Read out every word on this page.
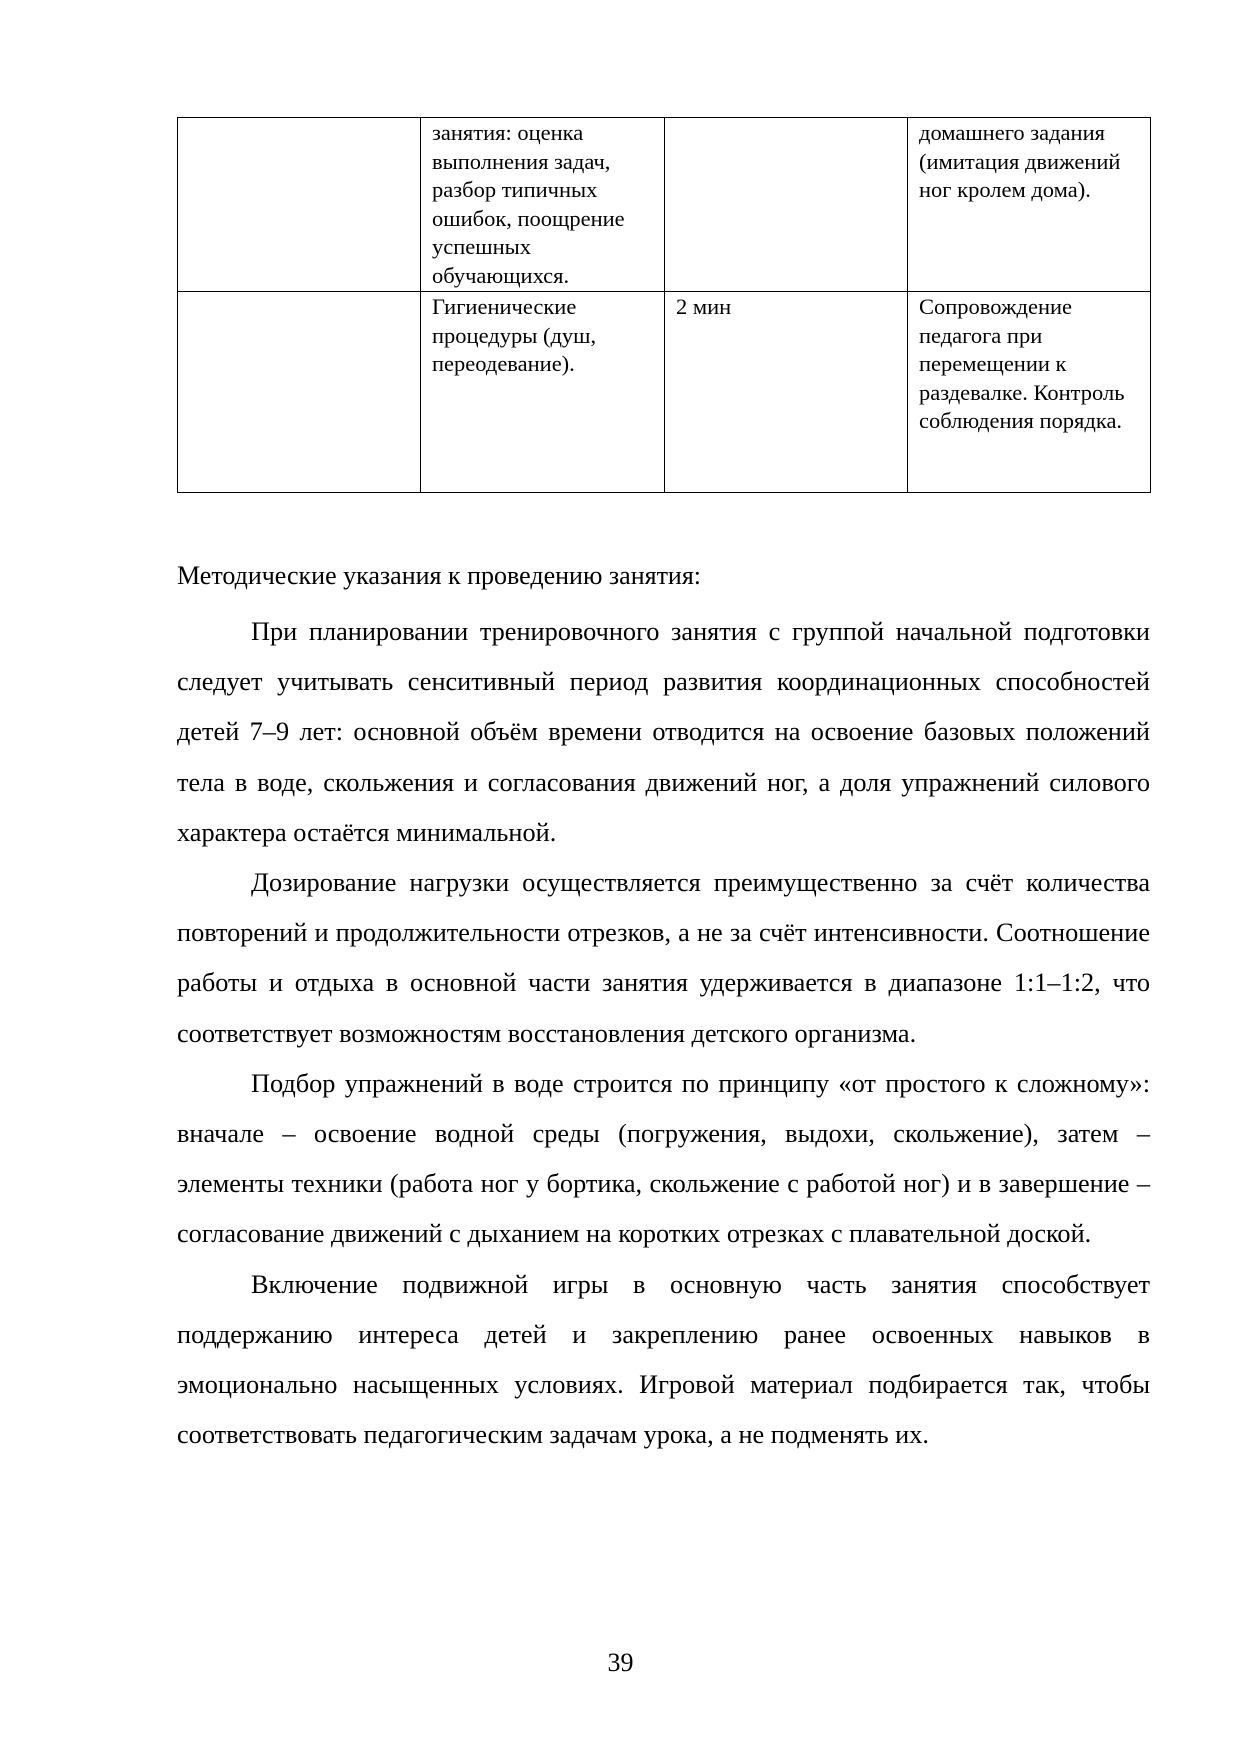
	занятия: оценка выполнения задач, разбор типичных ошибок, поощрение успешных обучающихся.		домашнего задания (имитация движений ног кролем дома).

	Гигиенические процедуры (душ, переодевание).	2 мин	Сопровождение педагога при перемещении к раздевалке. Контроль соблюдения порядка.
Методические указания к проведению занятия:

При планировании тренировочного занятия с группой начальной подготовки следует учитывать сенситивный период развития координационных способностей детей 7–9 лет: основной объём времени отводится на освоение базовых положений тела в воде, скольжения и согласования движений ног, а доля упражнений силового характера остаётся минимальной.

Дозирование нагрузки осуществляется преимущественно за счёт количества повторений и продолжительности отрезков, а не за счёт интенсивности. Соотношение работы и отдыха в основной части занятия удерживается в диапазоне 1:1–1:2, что соответствует возможностям восстановления детского организма.

Подбор упражнений в воде строится по принципу «от простого к сложному»: вначале – освоение водной среды (погружения, выдохи, скольжение), затем – элементы техники (работа ног у бортика, скольжение с работой ног) и в завершение – согласование движений с дыханием на коротких отрезках с плавательной доской.

Включение подвижной игры в основную часть занятия способствует поддержанию интереса детей и закреплению ранее освоенных навыков в эмоционально насыщенных условиях. Игровой материал подбирается так, чтобы соответствовать педагогическим задачам урока, а не подменять их.

39
